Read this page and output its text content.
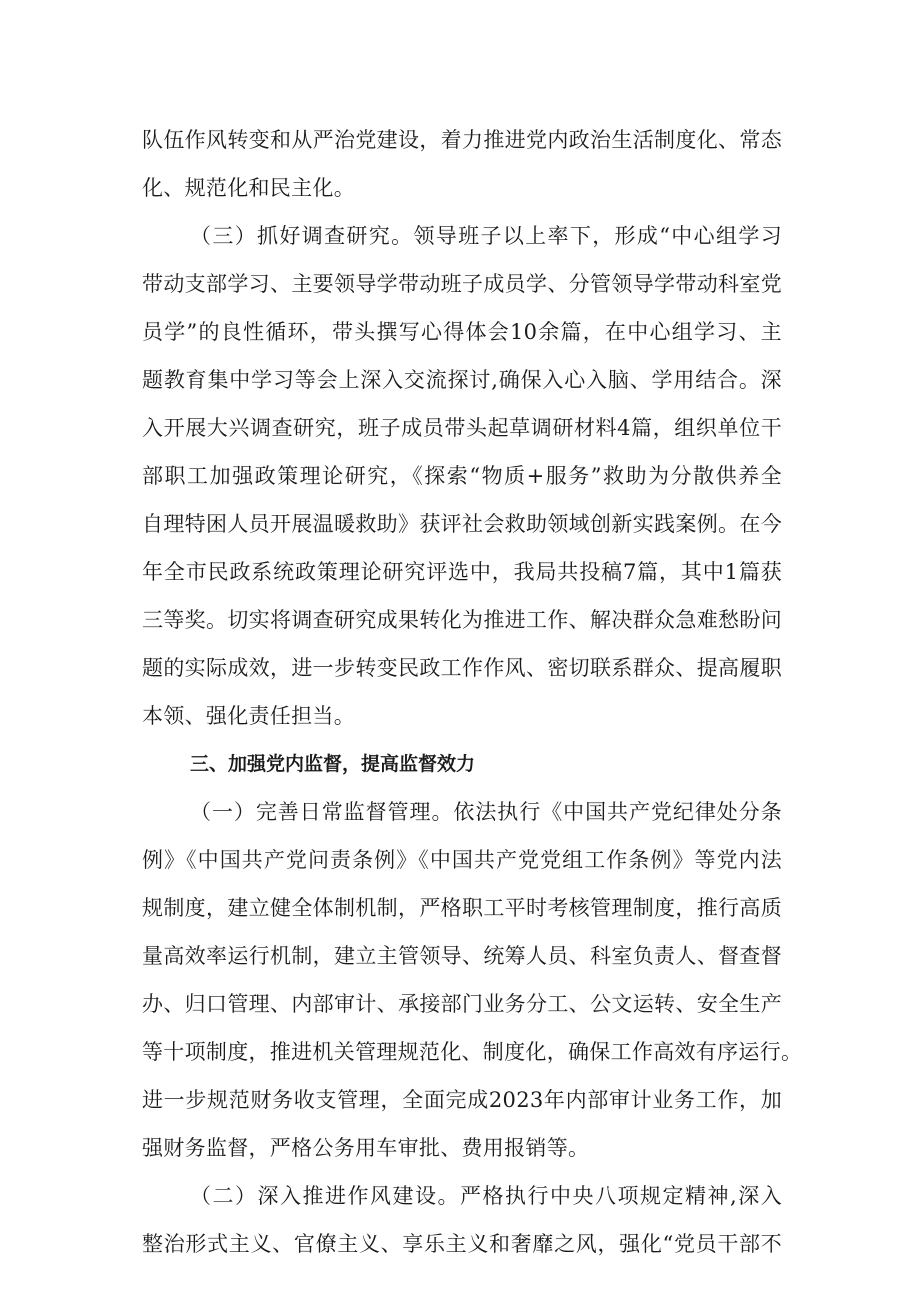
队伍作风转变和从严治党建设，着力推进党内政治生活制度化、常态
化、规范化和民主化。
（三）抓好调查研究。领导班子以上率下，形成“中心组学习
带动支部学习、主要领导学带动班子成员学、分管领导学带动科室党
员学”的良性循环，带头撰写心得体会10余篇，在中心组学习、主
题教育集中学习等会上深入交流探讨,确保入心入脑、学用结合。深
入开展大兴调查研究，班子成员带头起草调研材料4篇，组织单位干
部职工加强政策理论研究，《探索“物质+服务”救助为分散供养全
自理特困人员开展温暖救助》获评社会救助领域创新实践案例。在今
年全市民政系统政策理论研究评选中，我局共投稿7篇，其中1篇获
三等奖。切实将调查研究成果转化为推进工作、解决群众急难愁盼问
题的实际成效，进一步转变民政工作作风、密切联系群众、提高履职
本领、强化责任担当。
三、加强党内监督，提高监督效力
（一）完善日常监督管理。依法执行《中国共产党纪律处分条
例》《中国共产党问责条例》《中国共产党党组工作条例》等党内法
规制度，建立健全体制机制，严格职工平时考核管理制度，推行高质
量高效率运行机制，建立主管领导、统筹人员、科室负责人、督查督
办、归口管理、内部审计、承接部门业务分工、公文运转、安全生产
等十项制度，推进机关管理规范化、制度化，确保工作高效有序运行。
进一步规范财务收支管理，全面完成2023年内部审计业务工作，加
强财务监督，严格公务用车审批、费用报销等。
（二）深入推进作风建设。严格执行中央八项规定精神,深入
整治形式主义、官僚主义、享乐主义和奢靡之风，强化“党员干部不
